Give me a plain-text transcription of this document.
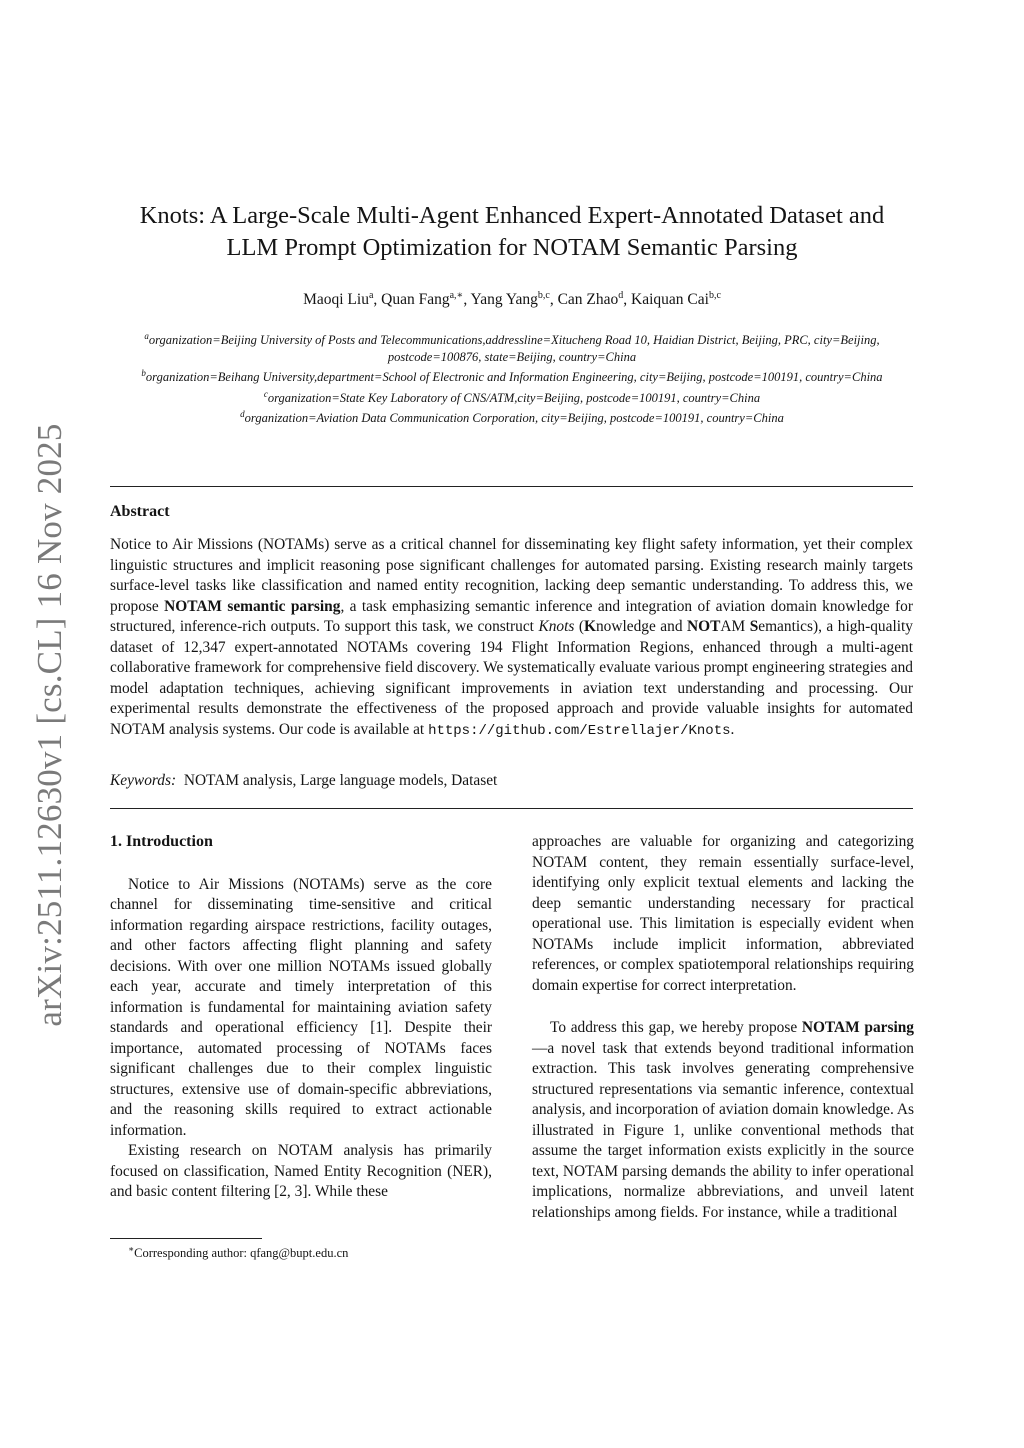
arXiv:2511.12630v1 [cs.CL] 16 Nov 2025
Knots: A Large-Scale Multi-Agent Enhanced Expert-Annotated Dataset and
LLM Prompt Optimization for NOTAM Semantic Parsing
Maoqi Liu$^a$, Quan Fang$^{a,∗}$, Yang Yang$^{b,c}$, Can Zhao$^d$, Kaiquan Cai$^{b,c}$

$^a$organization=Beijing University of Posts and Telecommunications,addressline=Xitucheng Road 10, Haidian District, Beijing, PRC, city=Beijing, postcode=100876, state=Beijing, country=China

$^b$organization=Beihang University,department=School of Electronic and Information Engineering, city=Beijing, postcode=100191, country=China

$^c$organization=State Key Laboratory of CNS/ATM,city=Beijing, postcode=100191, country=China

$^d$organization=Aviation Data Communication Corporation, city=Beijing, postcode=100191, country=China

Abstract

Notice to Air Missions (NOTAMs) serve as a critical channel for disseminating key flight safety information, yet their complex linguistic structures and implicit reasoning pose significant challenges for automated parsing. Existing research mainly targets surface-level tasks like classification and named entity recognition, lacking deep semantic understanding. To address this, we propose NOTAM semantic parsing, a task emphasizing semantic inference and integration of aviation domain knowledge for structured, inference-rich outputs. To support this task, we construct Knots (Knowledge and NOTAM Semantics), a high-quality dataset of 12,347 expert-annotated NOTAMs covering 194 Flight Information Regions, enhanced through a multi-agent collaborative framework for comprehensive field discovery. We systematically evaluate various prompt engineering strategies and model adaptation techniques, achieving significant improvements in aviation text understanding and processing. Our experimental results demonstrate the effectiveness of the proposed approach and provide valuable insights for automated NOTAM analysis systems. Our code is available at https://github.com/Estrellajer/Knots.

Keywords: NOTAM analysis, Large language models, Dataset
1. Introduction

Notice to Air Missions (NOTAMs) serve as the core channel for disseminating time-sensitive and critical information regarding airspace restrictions, facility outages, and other factors affecting flight planning and safety decisions. With over one million NOTAMs issued globally each year, accurate and timely interpretation of this information is fundamental for maintaining aviation safety standards and operational efficiency [1]. Despite their importance, automated processing of NOTAMs faces significant challenges due to their complex linguistic structures, extensive use of domain-specific abbreviations, and the reasoning skills required to extract actionable information.

Existing research on NOTAM analysis has primarily focused on classification, Named Entity Recognition (NER), and basic content filtering [2, 3]. While these

approaches are valuable for organizing and categorizing NOTAM content, they remain essentially surface-level, identifying only explicit textual elements and lacking the deep semantic understanding necessary for practical operational use. This limitation is especially evident when NOTAMs include implicit information, abbreviated references, or complex spatiotemporal relationships requiring domain expertise for correct interpretation.

To address this gap, we hereby propose NOTAM parsing—a novel task that extends beyond traditional information extraction. This task involves generating comprehensive structured representations via semantic inference, contextual analysis, and incorporation of aviation domain knowledge. As illustrated in Figure 1, unlike conventional methods that assume the target information exists explicitly in the source text, NOTAM parsing demands the ability to infer operational implications, normalize abbreviations, and unveil latent relationships among fields. For instance, while a traditional

∗Corresponding author: qfang@bupt.edu.cn
